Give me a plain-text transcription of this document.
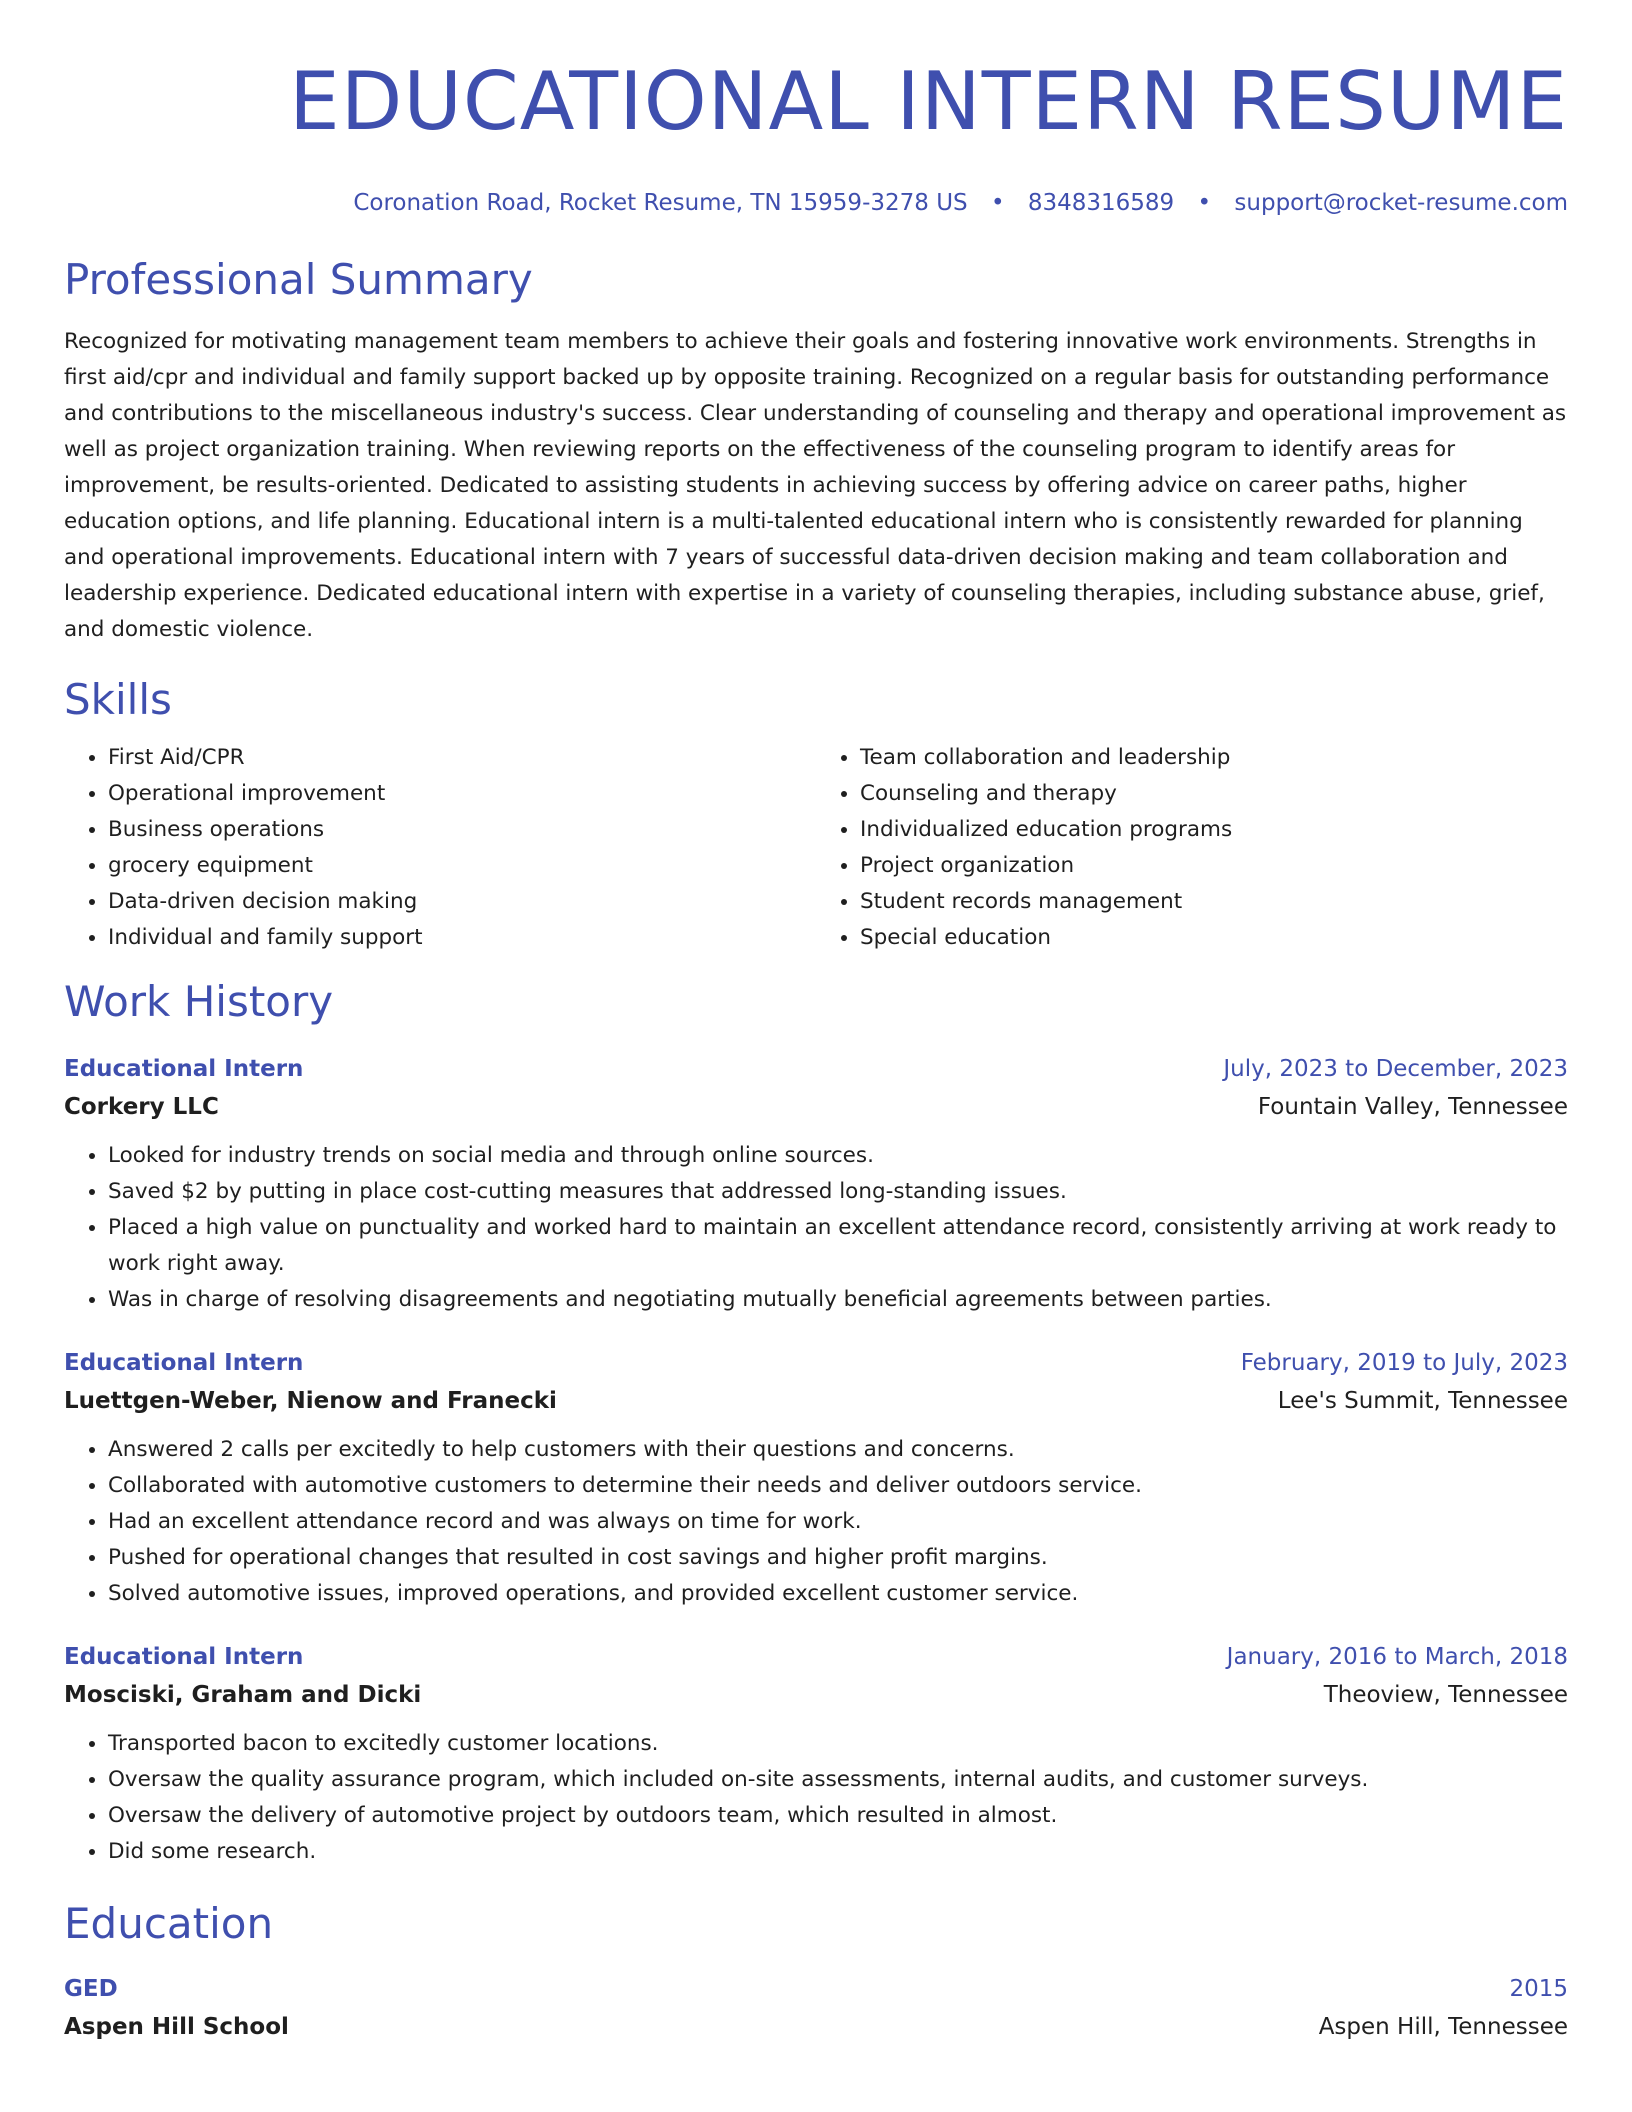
EDUCATIONAL INTERN RESUME
Coronation Road, Rocket Resume, TN 15959-3278 US • 8348316589 • support@rocket-resume.com
Professional Summary

Recognized for motivating management team members to achieve their goals and fostering innovative work environments. Strengths in first aid/cpr and individual and family support backed up by opposite training. Recognized on a regular basis for outstanding performance and contributions to the miscellaneous industry's success. Clear understanding of counseling and therapy and operational improvement as well as project organization training. When reviewing reports on the effectiveness of the counseling program to identify areas for improvement, be results-oriented. Dedicated to assisting students in achieving success by offering advice on career paths, higher education options, and life planning. Educational intern is a multi-talented educational intern who is consistently rewarded for planning and operational improvements. Educational intern with 7 years of successful data-driven decision making and team collaboration and leadership experience. Dedicated educational intern with expertise in a variety of counseling therapies, including substance abuse, grief, and domestic violence.

Skills
• First Aid/CPR
• Operational improvement
• Business operations
• grocery equipment
• Data-driven decision making
• Individual and family support
• Team collaboration and leadership
• Counseling and therapy
• Individualized education programs
• Project organization
• Student records management
• Special education
Work History
Educational Intern	July, 2023 to December, 2023
Corkery LLC	Fountain Valley, Tennessee
• Looked for industry trends on social media and through online sources.
• Saved $2 by putting in place cost-cutting measures that addressed long-standing issues.
• Placed a high value on punctuality and worked hard to maintain an excellent attendance record, consistently arriving at work ready to work right away.
• Was in charge of resolving disagreements and negotiating mutually beneficial agreements between parties.
Educational Intern	February, 2019 to July, 2023
Luettgen-Weber, Nienow and Franecki	Lee's Summit, Tennessee
• Answered 2 calls per excitedly to help customers with their questions and concerns.
• Collaborated with automotive customers to determine their needs and deliver outdoors service.
• Had an excellent attendance record and was always on time for work.
• Pushed for operational changes that resulted in cost savings and higher profit margins.
• Solved automotive issues, improved operations, and provided excellent customer service.
Educational Intern	January, 2016 to March, 2018
Mosciski, Graham and Dicki	Theoview, Tennessee
• Transported bacon to excitedly customer locations.
• Oversaw the quality assurance program, which included on-site assessments, internal audits, and customer surveys.
• Oversaw the delivery of automotive project by outdoors team, which resulted in almost.
• Did some research.
Education
GED	2015
Aspen Hill School	Aspen Hill, Tennessee
